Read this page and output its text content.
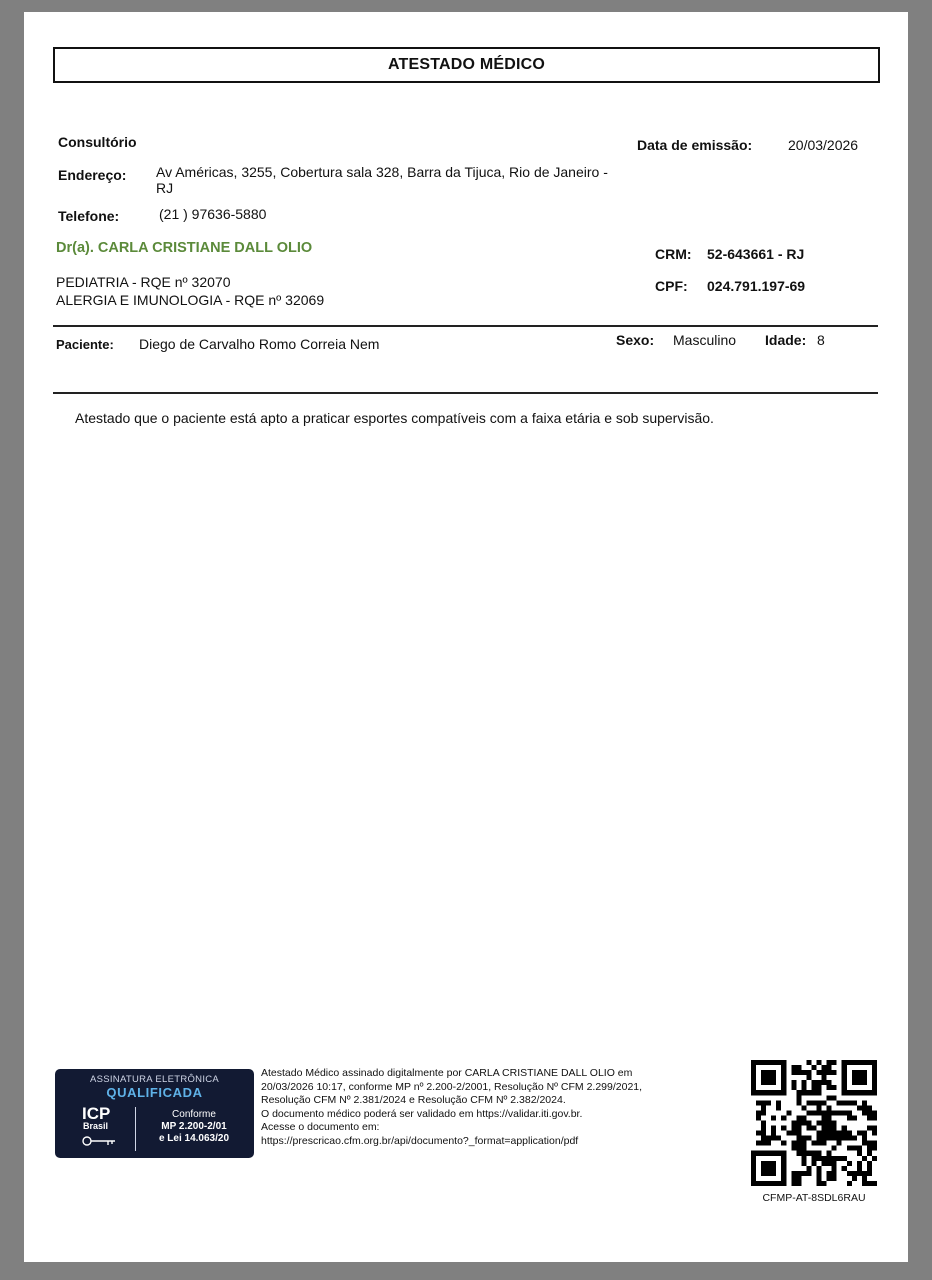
ATESTADO MÉDICO
Consultório	Data de emissão:	20/03/2026
Endereço: Av Américas, 3255, Cobertura sala 328, Barra da Tijuca, Rio de Janeiro -
RJ
Telefone:	(21 ) 97636-5880
Dr(a). CARLA CRISTIANE DALL OLIO	CRM: 52-643661 - RJ
PEDIATRIA - RQE nº 32070
ALERGIA E IMUNOLOGIA - RQE nº 32069
CPF: 024.791.197-69
Paciente: Diego de Carvalho Romo Correia Nem	Sexo: Masculino Idade: 8
Atestado que o paciente está apto a praticar esportes compatíveis com a faixa etária e sob supervisão.
ASSINATURA ELETRÔNICA
QUALIFICADA
ICP
Brasil
Conforme
MP 2.200-2/01
e Lei 14.063/20
Atestado Médico assinado digitalmente por CARLA CRISTIANE DALL OLIO em
20/03/2026 10:17, conforme MP nº 2.200-2/2001, Resolução Nº CFM 2.299/2021,
Resolução CFM Nº 2.381/2024 e Resolução CFM Nº 2.382/2024.
O documento médico poderá ser validado em https://validar.iti.gov.br.
Acesse o documento em:
https://prescricao.cfm.org.br/api/documento?_format=application/pdf
CFMP-AT-8SDL6RAU
